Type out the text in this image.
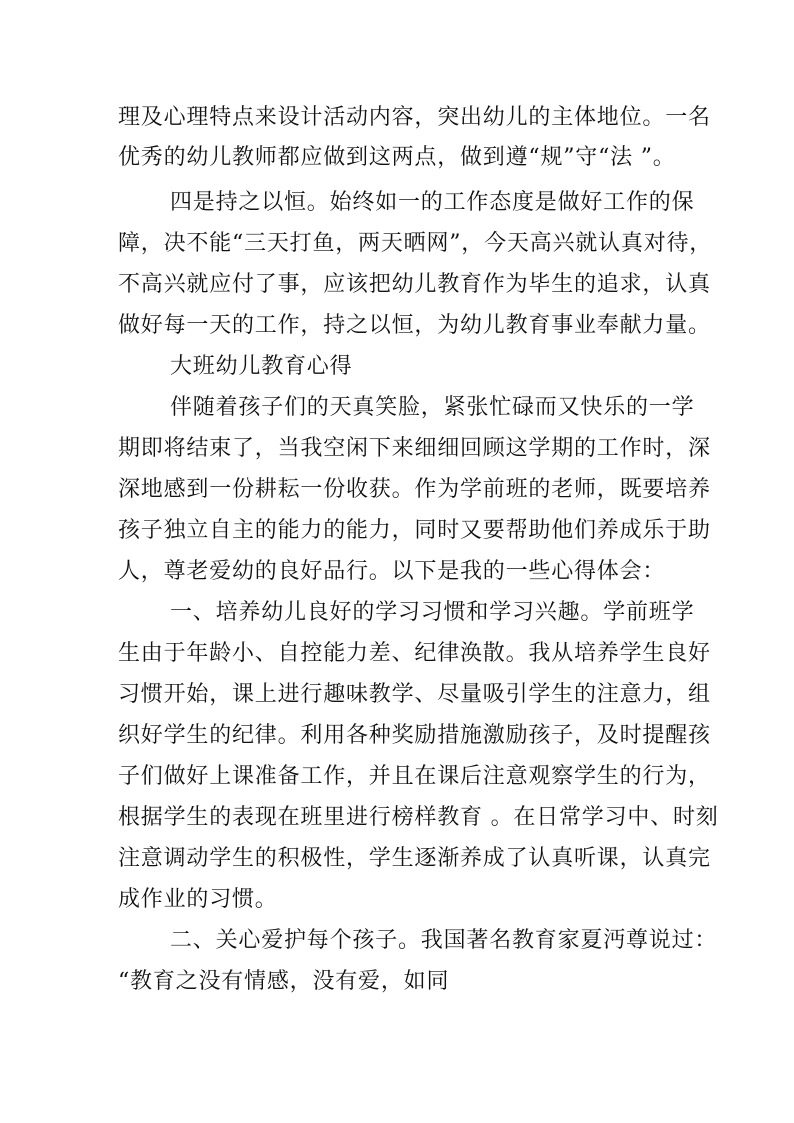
理及心理特点来设计活动内容，突出幼儿的主体地位。一名
优秀的幼儿教师都应做到这两点，做到遵“规”守“法 ”。
四是持之以恒。始终如一的工作态度是做好工作的保
障，决不能“三天打鱼，两天晒网”，今天高兴就认真对待，
不高兴就应付了事，应该把幼儿教育作为毕生的追求，认真
做好每一天的工作，持之以恒，为幼儿教育事业奉献力量。
大班幼儿教育心得
伴随着孩子们的天真笑脸，紧张忙碌而又快乐的一学
期即将结束了，当我空闲下来细细回顾这学期的工作时，深
深地感到一份耕耘一份收获。作为学前班的老师，既要培养
孩子独立自主的能力的能力，同时又要帮助他们养成乐于助
人，尊老爱幼的良好品行。以下是我的一些心得体会：
一、培养幼儿良好的学习习惯和学习兴趣。学前班学
生由于年龄小、自控能力差、纪律涣散。我从培养学生良好
习惯开始，课上进行趣味教学、尽量吸引学生的注意力，组
织好学生的纪律。利用各种奖励措施激励孩子，及时提醒孩
子们做好上课准备工作，并且在课后注意观察学生的行为，
根据学生的表现在班里进行榜样教育 。在日常学习中、时刻
注意调动学生的积极性，学生逐渐养成了认真听课，认真完
成作业的习惯。
二、关心爱护每个孩子。我国著名教育家夏沔尊说过：
“教育之没有情感，没有爱，如同
